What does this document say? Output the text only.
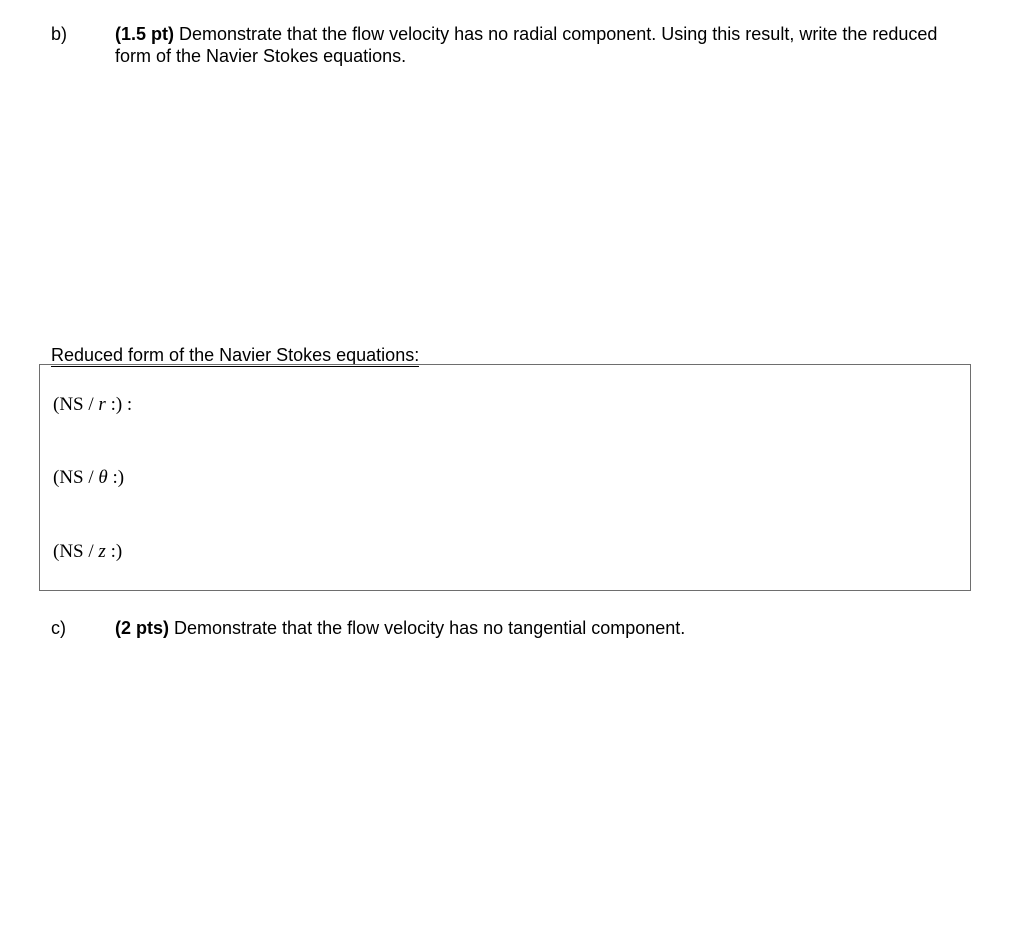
b)	(1.5 pt) Demonstrate that the flow velocity has no radial component. Using this result, write the reduced form of the Navier Stokes equations.
Reduced form of the Navier Stokes equations:
(NS / r :) :
(NS / θ :)
(NS / z :)
c)	(2 pts) Demonstrate that the flow velocity has no tangential component.
